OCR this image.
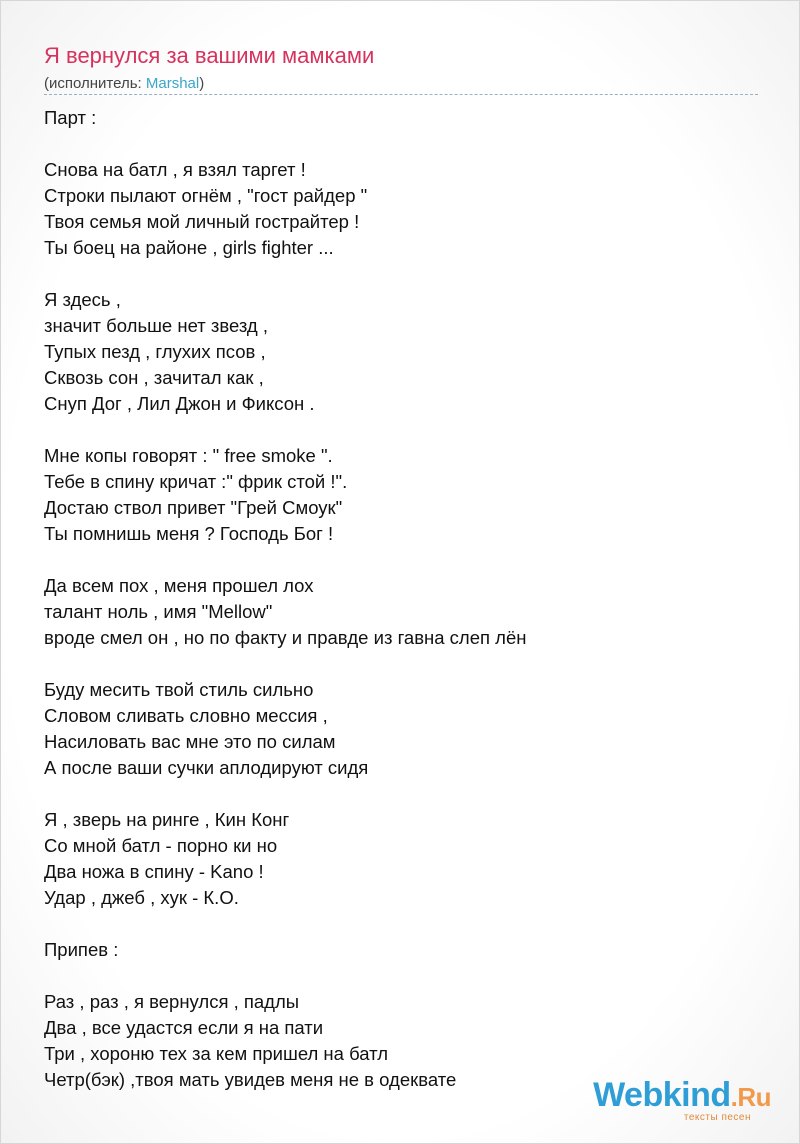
Я вернулся за вашими мамками
(исполнитель: Marshal)
Парт :
Снова на батл , я взял таргет !
Строки пылают огнём , "гост райдер "
Твоя семья мой личный гострайтер !
Ты боец на районе , girls fighter ...
Я здесь ,
значит больше нет звезд ,
Тупых пезд , глухих псов ,
Сквозь сон , зачитал как ,
Снуп Дог , Лил Джон и Фиксон .
Мне копы говорят : " free smoke ".
Тебе в спину кричат :" фрик стой !".
Достаю ствол привет "Грей Смоук"
Ты помнишь меня ? Господь Бог !
Да всем пох , меня прошел лох
талант ноль , имя "Mellow"
вроде смел он , но по факту и правде из гавна слеп лён
Буду месить твой стиль сильно
Словом сливать словно мессия ,
Насиловать вас мне это по силам
А после ваши сучки аплодируют сидя
Я , зверь на ринге , Кин Конг
Со мной батл - порно ки но
Два ножа в спину - Kano !
Удар , джеб , хук - К.О.
Припев :
Раз , раз , я вернулся , падлы
Два , все удастся если я на пати
Три , хороню тех за кем пришел на батл
Четр(бэк) ,твоя мать увидев меня не в одеквате	Webkind.Ru
тексты песен
